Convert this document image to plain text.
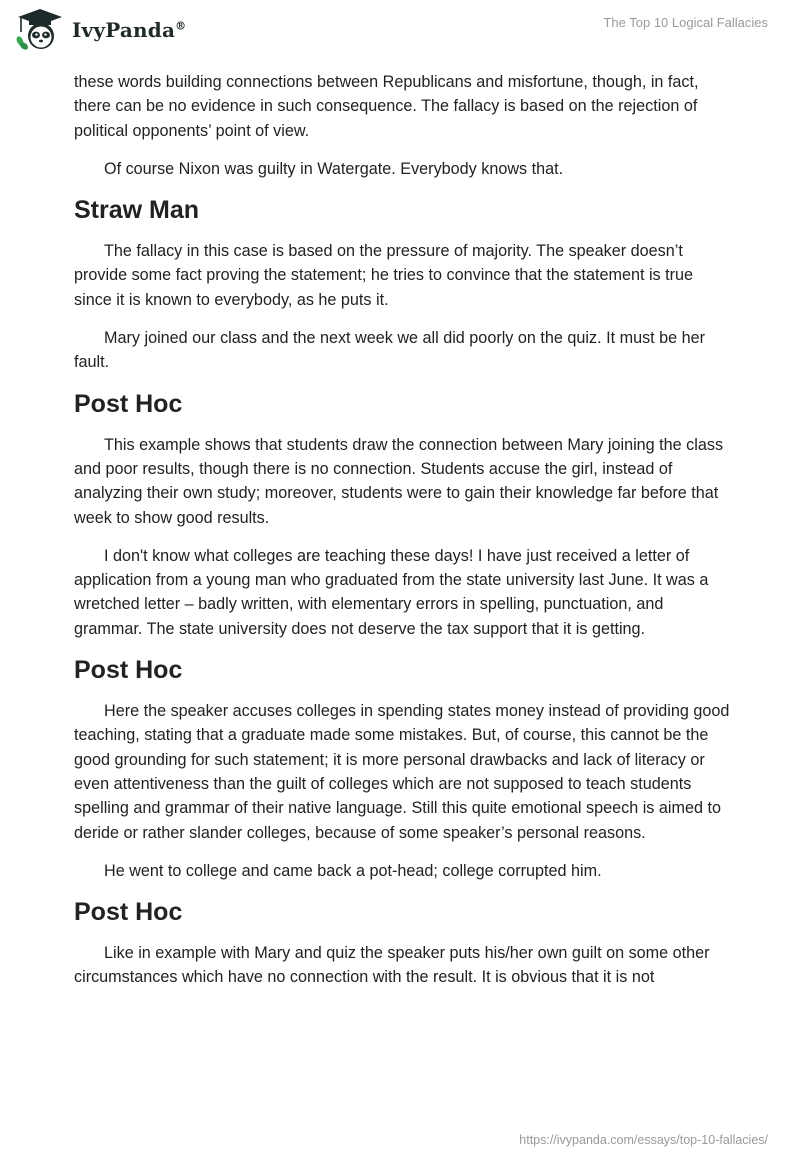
IvyPanda®	The Top 10 Logical Fallacies

these words building connections between Republicans and misfortune, though, in fact, there can be no evidence in such consequence. The fallacy is based on the rejection of political opponents’ point of view.

Of course Nixon was guilty in Watergate. Everybody knows that.

Straw Man

The fallacy in this case is based on the pressure of majority. The speaker doesn’t provide some fact proving the statement; he tries to convince that the statement is true since it is known to everybody, as he puts it.

Mary joined our class and the next week we all did poorly on the quiz. It must be her fault.

Post Hoc

This example shows that students draw the connection between Mary joining the class and poor results, though there is no connection. Students accuse the girl, instead of analyzing their own study; moreover, students were to gain their knowledge far before that week to show good results.

I don't know what colleges are teaching these days! I have just received a letter of application from a young man who graduated from the state university last June. It was a wretched letter – badly written, with elementary errors in spelling, punctuation, and grammar. The state university does not deserve the tax support that it is getting.

Post Hoc

Here the speaker accuses colleges in spending states money instead of providing good teaching, stating that a graduate made some mistakes. But, of course, this cannot be the good grounding for such statement; it is more personal drawbacks and lack of literacy or even attentiveness than the guilt of colleges which are not supposed to teach students spelling and grammar of their native language. Still this quite emotional speech is aimed to deride or rather slander colleges, because of some speaker’s personal reasons.

He went to college and came back a pot-head; college corrupted him.

Post Hoc

Like in example with Mary and quiz the speaker puts his/her own guilt on some other circumstances which have no connection with the result. It is obvious that it is not

https://ivypanda.com/essays/top-10-fallacies/
